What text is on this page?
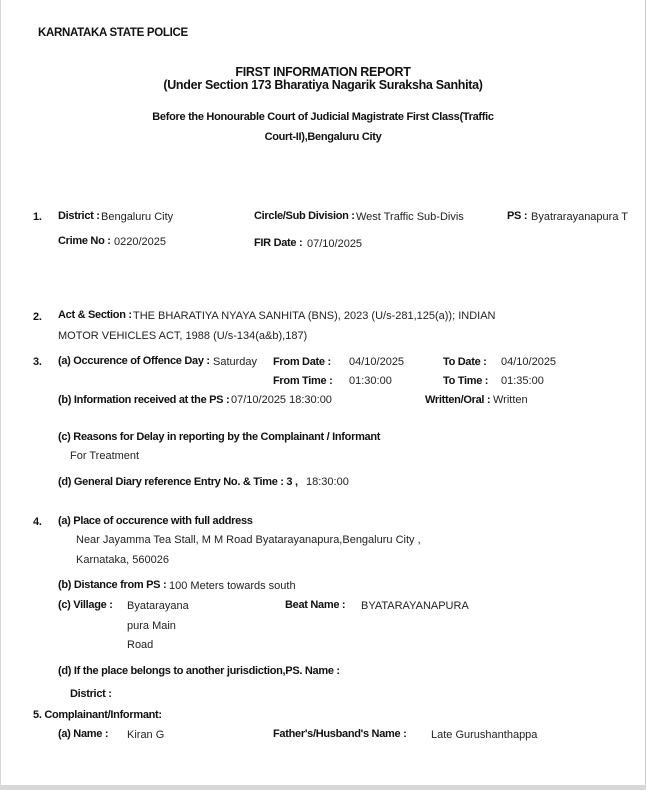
KARNATAKA STATE POLICE
FIRST INFORMATION REPORT
(Under Section 173 Bharatiya Nagarik Suraksha Sanhita)
Before the Honourable Court of Judicial Magistrate First Class(Traffic
Court-II),Bengaluru City
1. District : Bengaluru City	Circle/Sub Division : West Traffic Sub-Divis	PS : Byatrarayanapura T
Crime No : 0220/2025	FIR Date : 07/10/2025
2. Act & Section : THE BHARATIYA NYAYA SANHITA (BNS), 2023 (U/s-281,125(a)); INDIAN
MOTOR VEHICLES ACT, 1988 (U/s-134(a&b),187)
3. (a) Occurence of Offence Day : Saturday From Date : 04/10/2025	To Date : 04/10/2025
From Time : 01:30:00	To Time : 01:35:00
(b) Information received at the PS : 07/10/2025 18:30:00	Written/Oral : Written
(c) Reasons for Delay in reporting by the Complainant / Informant
For Treatment
(d) General Diary reference Entry No. & Time : 3 , 18:30:00
4. (a) Place of occurence with full address
Near Jayamma Tea Stall, M M Road Byatarayanapura,Bengaluru City ,
Karnataka, 560026
(b) Distance from PS : 100 Meters towards south
(c) Village : Byatarayana
pura Main
Road
Beat Name : BYATARAYANAPURA
(d) If the place belongs to another jurisdiction,PS. Name :
District :
5. Complainant/Informant:
(a) Name : Kiran G	Father's/Husband's Name : Late Gurushanthappa
